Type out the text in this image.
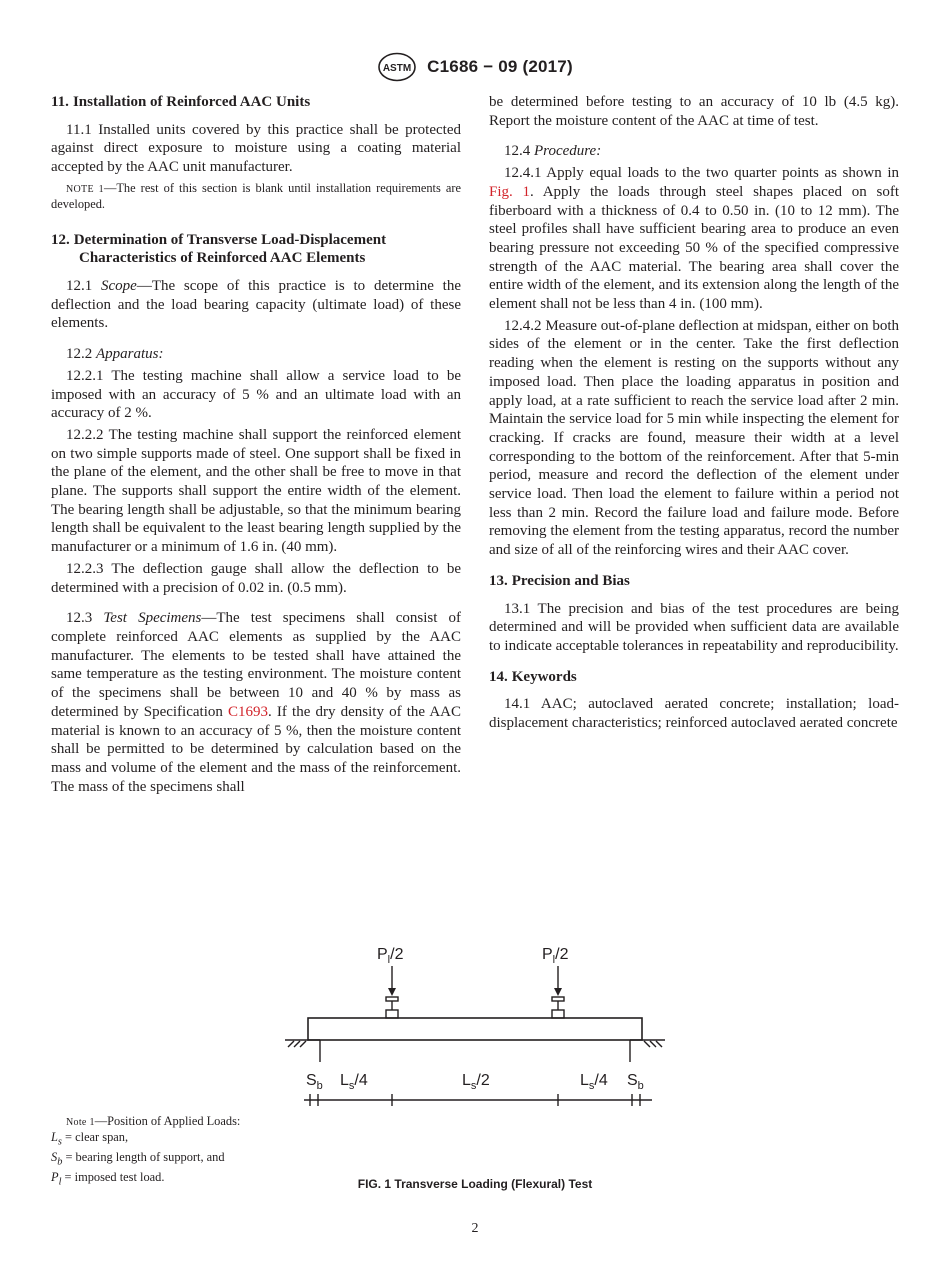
ASTM C1686 − 09 (2017)
11. Installation of Reinforced AAC Units

11.1 Installed units covered by this practice shall be protected against direct exposure to moisture using a coating material accepted by the AAC unit manufacturer.

NOTE 1—The rest of this section is blank until installation requirements are developed.
12. Determination of Transverse Load-Displacement Characteristics of Reinforced AAC Elements

12.1 Scope—The scope of this practice is to determine the deflection and the load bearing capacity (ultimate load) of these elements.

12.2 Apparatus:

12.2.1 The testing machine shall allow a service load to be imposed with an accuracy of 5 % and an ultimate load with an accuracy of 2 %.

12.2.2 The testing machine shall support the reinforced element on two simple supports made of steel. One support shall be fixed in the plane of the element, and the other shall be free to move in that plane. The supports shall support the entire width of the element. The bearing length shall be adjustable, so that the minimum bearing length shall be equivalent to the least bearing length supplied by the manufacturer or a minimum of 1.6 in. (40 mm).

12.2.3 The deflection gauge shall allow the deflection to be determined with a precision of 0.02 in. (0.5 mm).

12.3 Test Specimens—The test specimens shall consist of complete reinforced AAC elements as supplied by the AAC manufacturer. The elements to be tested shall have attained the same temperature as the testing environment. The moisture content of the specimens shall be between 10 and 40 % by mass as determined by Specification C1693. If the dry density of the AAC material is known to an accuracy of 5 %, then the moisture content shall be permitted to be determined by calculation based on the mass and volume of the element and the mass of the reinforcement. The mass of the specimens shall

be determined before testing to an accuracy of 10 lb (4.5 kg). Report the moisture content of the AAC at time of test.

12.4 Procedure:

12.4.1 Apply equal loads to the two quarter points as shown in Fig. 1. Apply the loads through steel shapes placed on soft fiberboard with a thickness of 0.4 to 0.50 in. (10 to 12 mm). The steel profiles shall have sufficient bearing area to produce an even bearing pressure not exceeding 50 % of the specified compressive strength of the AAC material. The bearing area shall cover the entire width of the element, and its extension along the length of the element shall not be less than 4 in. (100 mm).

12.4.2 Measure out-of-plane deflection at midspan, either on both sides of the element or in the center. Take the first deflection reading when the element is resting on the supports without any imposed load. Then place the loading apparatus in position and apply load, at a rate sufficient to reach the service load after 2 min. Maintain the service load for 5 min while inspecting the element for cracking. If cracks are found, measure their width at a level corresponding to the bottom of the reinforcement. After that 5-min period, measure and record the deflection of the element under service load. Then load the element to failure within a period not less than 2 min. Record the failure load and failure mode. Before removing the element from the testing apparatus, record the number and size of all of the reinforcing wires and their AAC cover.

13. Precision and Bias

13.1 The precision and bias of the test procedures are being determined and will be provided when sufficient data are available to indicate acceptable tolerances in repeatability and reproducibility.

14. Keywords

14.1 AAC; autoclaved aerated concrete; installation; load-displacement characteristics; reinforced autoclaved aerated concrete

$P_l/2$	$P_l/2$
$S_b$ $L_s/4$	$L_s/2$	$L_s/4$ $S_b$
Note 1—Position of Applied Loads:
$L_s$ = clear span,
$S_b$ = bearing length of support, and
$P_l$ = imposed test load.	FIG. 1 Transverse Loading (Flexural) Test
2
